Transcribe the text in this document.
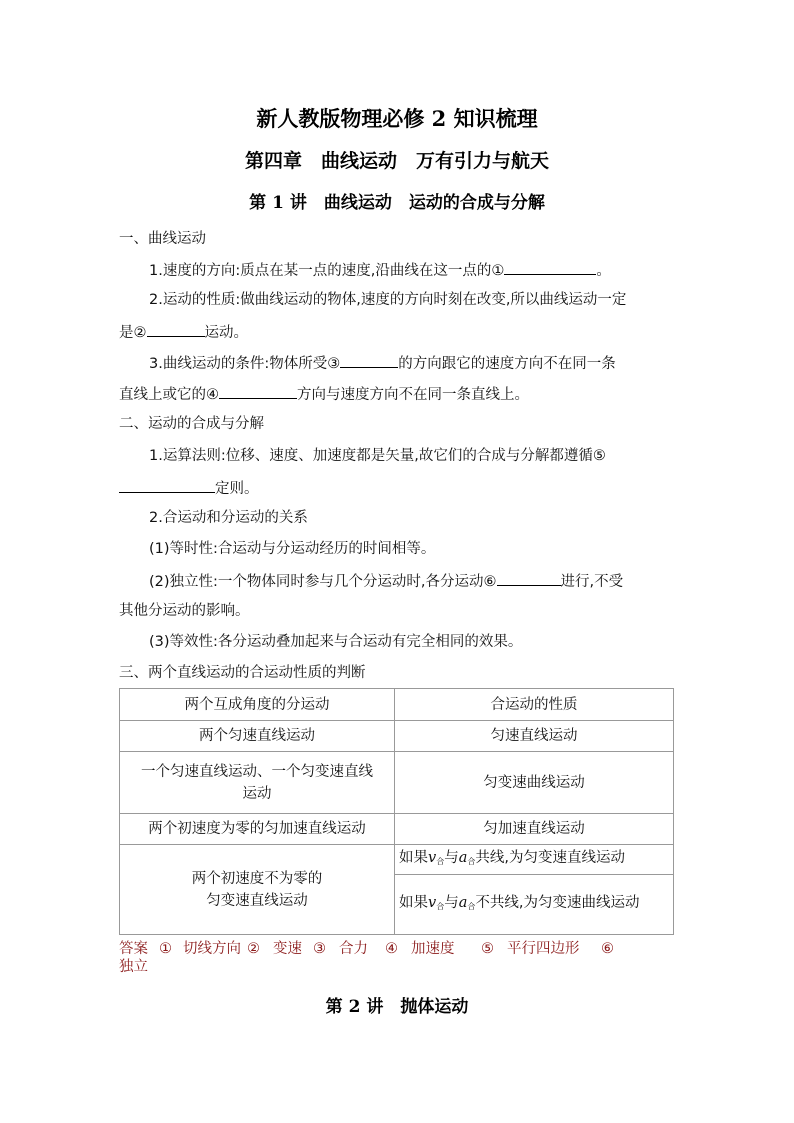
新人教版物理必修 2 知识梳理
第四章　曲线运动　万有引力与航天
第 1 讲　曲线运动　运动的合成与分解
一、曲线运动
1.速度的方向:质点在某一点的速度,沿曲线在这一点的①	。
2.运动的性质:做曲线运动的物体,速度的方向时刻在改变,所以曲线运动一定
是②	运动。
3.曲线运动的条件:物体所受③	的方向跟它的速度方向不在同一条
直线上或它的④	方向与速度方向不在同一条直线上。
二、运动的合成与分解
1.运算法则:位移、速度、加速度都是矢量,故它们的合成与分解都遵循⑤
定则。
2.合运动和分运动的关系
(1)等时性:合运动与分运动经历的时间相等。
(2)独立性:一个物体同时参与几个分运动时,各分运动⑥	进行,不受
其他分运动的影响。
(3)等效性:各分运动叠加起来与合运动有完全相同的效果。
三、两个直线运动的合运动性质的判断
两个互成角度的分运动	合运动的性质
两个匀速直线运动	匀速直线运动
一个匀速直线运动、一个匀变速直线运动	匀变速曲线运动
两个初速度为零的匀加速直线运动	匀加速直线运动

两个初速度不为零的
匀变速直线运动	如果$v_合$与$a_合$共线,为匀变速直线运动
	如果$v_合$与$a_合$不共线,为匀变速曲线运动
答案 ① 切线方向 ② 变速 ③ 合力 ④ 加速度 ⑤ 平行四边形 ⑥
独立
第 2 讲　抛体运动
